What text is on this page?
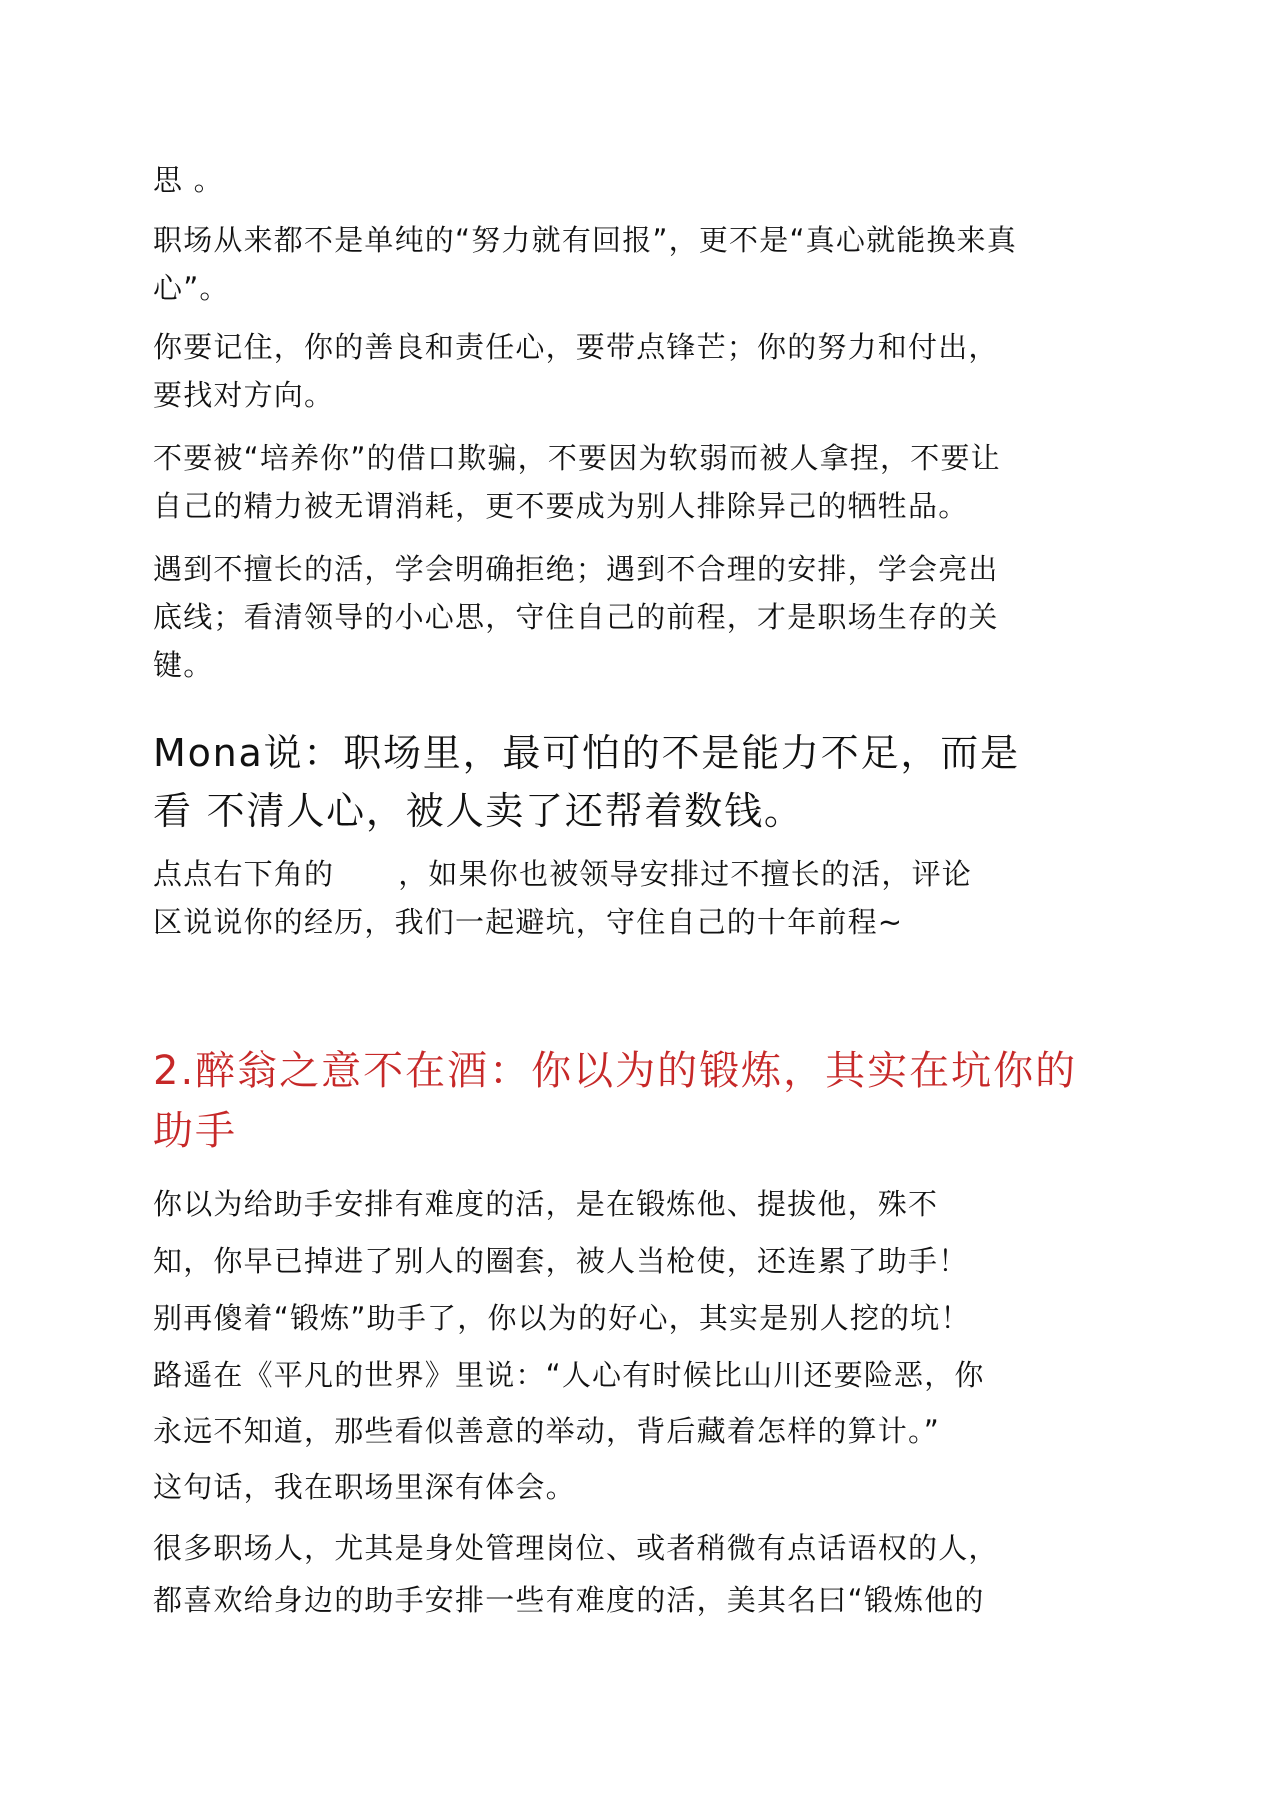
思 。
职场从来都不是单纯的“努力就有回报”，更不是“真心就能换来真
心”。
你要记住，你的善良和责任心，要带点锋芒；你的努力和付出，
要找对方向。
不要被“培养你”的借口欺骗，不要因为软弱而被人拿捏，不要让
自己的精力被无谓消耗，更不要成为别人排除异己的牺牲品。
遇到不擅长的活，学会明确拒绝；遇到不合理的安排，学会亮出
底线；看清领导的小心思，守住自己的前程，才是职场生存的关
键。
Mona说：职场里，最可怕的不是能力不足，而是
看 不清人心，被人卖了还帮着数钱。
点点右下角的 ，如果你也被领导安排过不擅长的活，评论
区说说你的经历，我们一起避坑，守住自己的十年前程~
2.醉翁之意不在酒：你以为的锻炼，其实在坑你的
助手
你以为给助手安排有难度的活，是在锻炼他、提拔他，殊不
知，你早已掉进了别人的圈套，被人当枪使，还连累了助手！
别再傻着“锻炼”助手了，你以为的好心，其实是别人挖的坑！
路遥在《平凡的世界》里说：“人心有时候比山川还要险恶，你
永远不知道，那些看似善意的举动，背后藏着怎样的算计。”
这句话，我在职场里深有体会。
很多职场人，尤其是身处管理岗位、或者稍微有点话语权的人，
都喜欢给身边的助手安排一些有难度的活，美其名曰“锻炼他的
